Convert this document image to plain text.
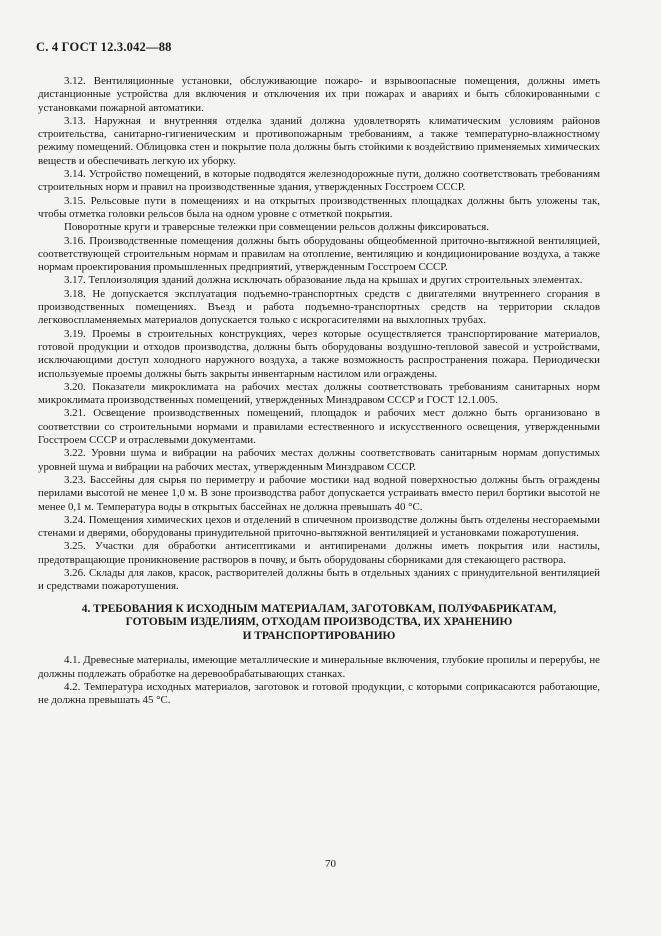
С. 4 ГОСТ 12.3.042—88

3.12. Вентиляционные установки, обслуживающие пожаро- и взрывоопасные помещения, должны иметь дистанционные устройства для включения и отключения их при пожарах и авариях и быть сблокированными с установками пожарной автоматики.

3.13. Наружная и внутренняя отделка зданий должна удовлетворять климатическим условиям районов строительства, санитарно-гигиеническим и противопожарным требованиям, а также температурно-влажностному режиму помещений. Облицовка стен и покрытие пола должны быть стойкими к воздействию применяемых химических веществ и обеспечивать легкую их уборку.

3.14. Устройство помещений, в которые подводятся железнодорожные пути, должно соответствовать требованиям строительных норм и правил на производственные здания, утвержденных Госстроем СССР.

3.15. Рельсовые пути в помещениях и на открытых производственных площадках должны быть уложены так, чтобы отметка головки рельсов была на одном уровне с отметкой покрытия.

Поворотные круги и траверсные тележки при совмещении рельсов должны фиксироваться.

3.16. Производственные помещения должны быть оборудованы общеобменной приточно-вытяжной вентиляцией, соответствующей строительным нормам и правилам на отопление, вентиляцию и кондиционирование воздуха, а также нормам проектирования промышленных предприятий, утвержденным Госстроем СССР.

3.17. Теплоизоляция зданий должна исключать образование льда на крышах и других строительных элементах.

3.18. Не допускается эксплуатация подъемно-транспортных средств с двигателями внутреннего сгорания в производственных помещениях. Въезд и работа подъемно-транспортных средств на территории складов легковоспламеняемых материалов допускается только с искрогасителями на выхлопных трубах.

3.19. Проемы в строительных конструкциях, через которые осуществляется транспортирование материалов, готовой продукции и отходов производства, должны быть оборудованы воздушно-тепловой завесой и устройствами, исключающими доступ холодного наружного воздуха, а также возможность распространения пожара. Периодически используемые проемы должны быть закрыты инвентарным настилом или ограждены.

3.20. Показатели микроклимата на рабочих местах должны соответствовать требованиям санитарных норм микроклимата производственных помещений, утвержденных Минздравом СССР и ГОСТ 12.1.005.

3.21. Освещение производственных помещений, площадок и рабочих мест должно быть организовано в соответствии со строительными нормами и правилами естественного и искусственного освещения, утвержденными Госстроем СССР и отраслевыми документами.

3.22. Уровни шума и вибрации на рабочих местах должны соответствовать санитарным нормам допустимых уровней шума и вибрации на рабочих местах, утвержденным Минздравом СССР.

3.23. Бассейны для сырья по периметру и рабочие мостики над водной поверхностью должны быть ограждены перилами высотой не менее 1,0 м. В зоне производства работ допускается устраивать вместо перил бортики высотой не менее 0,1 м. Температура воды в открытых бассейнах не должна превышать 40 °С.

3.24. Помещения химических цехов и отделений в спичечном производстве должны быть отделены несгораемыми стенами и дверями, оборудованы принудительной приточно-вытяжной вентиляцией и установками пожаротушения.

3.25. Участки для обработки антисептиками и антипиренами должны иметь покрытия или настилы, предотвращающие проникновение растворов в почву, и быть оборудованы сборниками для стекающего раствора.

3.26. Склады для лаков, красок, растворителей должны быть в отдельных зданиях с принудительной вентиляцией и средствами пожаротушения.

4. ТРЕБОВАНИЯ К ИСХОДНЫМ МАТЕРИАЛАМ, ЗАГОТОВКАМ, ПОЛУФАБРИКАТАМ,
ГОТОВЫМ ИЗДЕЛИЯМ, ОТХОДАМ ПРОИЗВОДСТВА, ИХ ХРАНЕНИЮ
И ТРАНСПОРТИРОВАНИЮ

4.1. Древесные материалы, имеющие металлические и минеральные включения, глубокие пропилы и перерубы, не должны подлежать обработке на деревообрабатывающих станках.

4.2. Температура исходных материалов, заготовок и готовой продукции, с которыми соприкасаются работающие, не должна превышать 45 °С.

70
